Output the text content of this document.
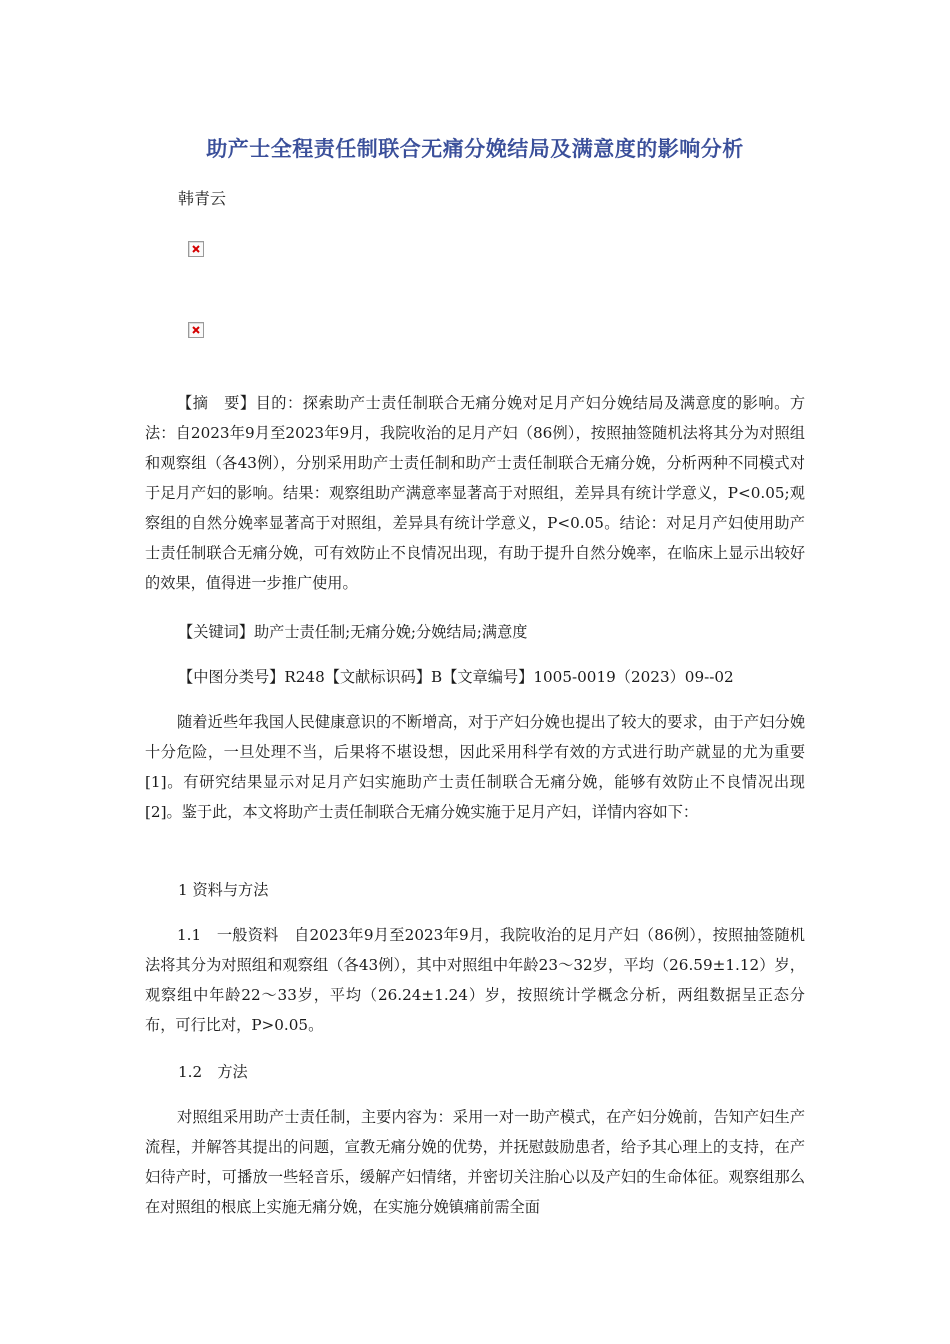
助产士全程责任制联合无痛分娩结局及满意度的影响分析

韩青云

【摘　要】目的：探索助产士责任制联合无痛分娩对足月产妇分娩结局及满意度的影响。方法：自2023年9月至2023年9月，我院收治的足月产妇（86例），按照抽签随机法将其分为对照组和观察组（各43例），分别采用助产士责任制和助产士责任制联合无痛分娩，分析两种不同模式对于足月产妇的影响。结果：观察组助产满意率显著高于对照组，差异具有统计学意义，P<0.05;观察组的自然分娩率显著高于对照组，差异具有统计学意义，P<0.05。结论：对足月产妇使用助产士责任制联合无痛分娩，可有效防止不良情况出现，有助于提升自然分娩率，在临床上显示出较好的效果，值得进一步推广使用。

【关键词】助产士责任制;无痛分娩;分娩结局;满意度

【中图分类号】R248【文献标识码】B【文章编号】1005-0019（2023）09--02

随着近些年我国人民健康意识的不断增高，对于产妇分娩也提出了较大的要求，由于产妇分娩十分危险，一旦处理不当，后果将不堪设想，因此采用科学有效的方式进行助产就显的尤为重要[1]。有研究结果显示对足月产妇实施助产士责任制联合无痛分娩，能够有效防止不良情况出现[2]。鉴于此，本文将助产士责任制联合无痛分娩实施于足月产妇，详情内容如下：

1 资料与方法

1.1　一般资料　自2023年9月至2023年9月，我院收治的足月产妇（86例），按照抽签随机法将其分为对照组和观察组（各43例），其中对照组中年龄23～32岁，平均（26.59±1.12）岁，观察组中年龄22～33岁，平均（26.24±1.24）岁，按照统计学概念分析，两组数据呈正态分布，可行比对，P>0.05。

1.2　方法

对照组采用助产士责任制，主要内容为：采用一对一助产模式，在产妇分娩前，告知产妇生产流程，并解答其提出的问题，宣教无痛分娩的优势，并抚慰鼓励患者，给予其心理上的支持，在产妇待产时，可播放一些轻音乐，缓解产妇情绪，并密切关注胎心以及产妇的生命体征。观察组那么在对照组的根底上实施无痛分娩，在实施分娩镇痛前需全面
